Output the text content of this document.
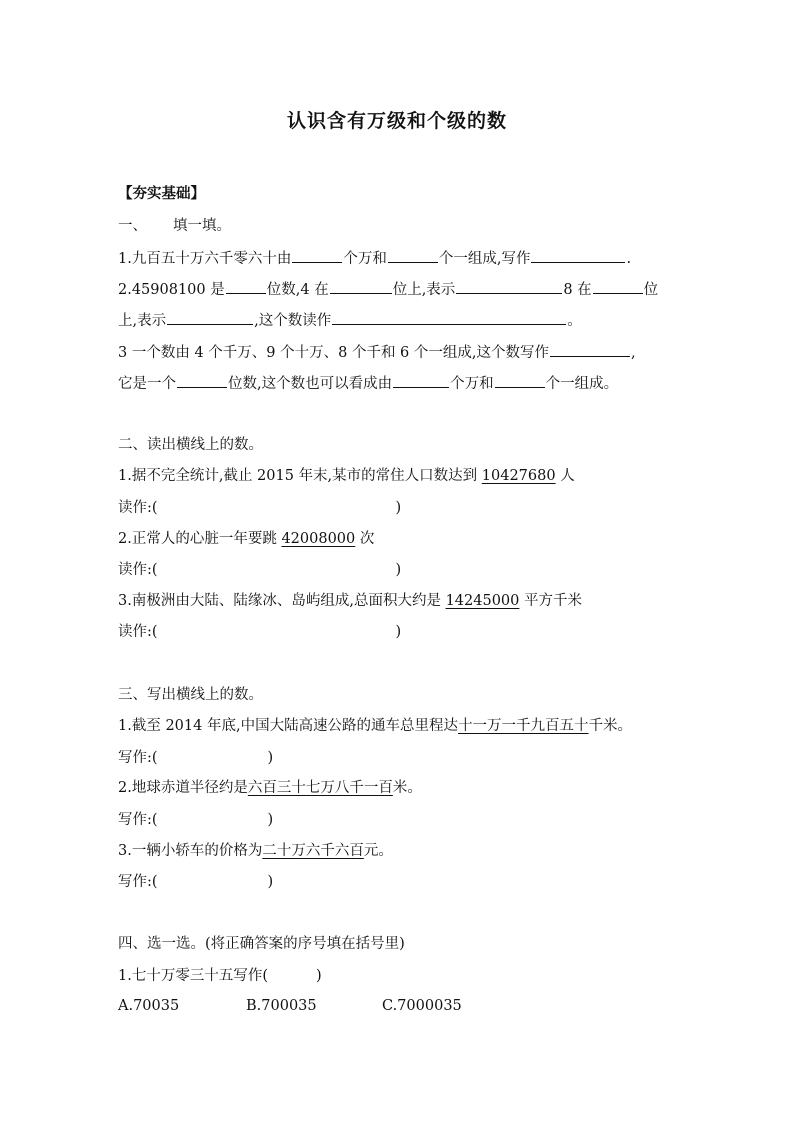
认识含有万级和个级的数
【夯实基础】
一、 填一填。
1.九百五十万六千零六十由	个万和	个一组成,写作	.
2.45908100 是	位数,4 在	位上,表示	8 在	位
上,表示	,这个数读作	。
3 一个数由 4 个千万、9 个十万、8 个千和 6 个一组成,这个数写作	,
它是一个	位数,这个数也可以看成由	个万和	个一组成。
二、读出横线上的数。
1.据不完全统计,截止 2015 年末,某市的常住人口数达到 10427680 人
读作:(	)
2.正常人的心脏一年要跳 42008000 次
读作:(	)
3.南极洲由大陆、陆缘冰、岛屿组成,总面积大约是 14245000 平方千米
读作:(	)
三、写出横线上的数。
1.截至 2014 年底,中国大陆高速公路的通车总里程达十一万一千九百五十千米。
写作:(	)
2.地球赤道半径约是六百三十七万八千一百米。
写作:(	)
3.一辆小轿车的价格为二十万六千六百元。
写作:(	)
四、选一选。(将正确答案的序号填在括号里)
1.七十万零三十五写作(	)
A.70035	B.700035	C.7000035
